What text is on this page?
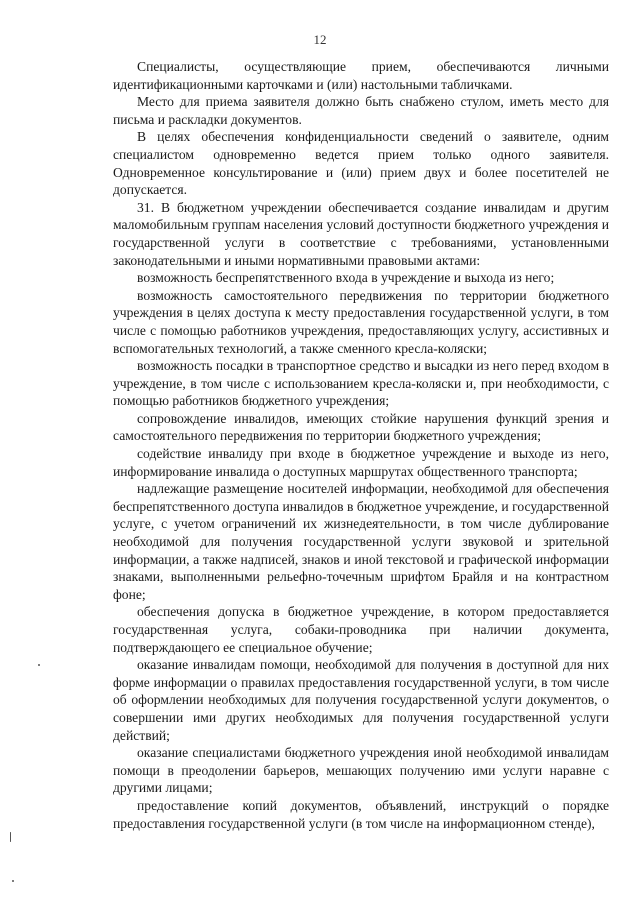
12

Специалисты, осуществляющие прием, обеспечиваются личными идентификационными карточками и (или) настольными табличками.

Место для приема заявителя должно быть снабжено стулом, иметь место для письма и раскладки документов.

В целях обеспечения конфиденциальности сведений о заявителе, одним специалистом одновременно ведется прием только одного заявителя. Одновременное консультирование и (или) прием двух и более посетителей не допускается.

31. В бюджетном учреждении обеспечивается создание инвалидам и другим маломобильным группам населения условий доступности бюджетного учреждения и государственной услуги в соответствие с требованиями, установленными законодательными и иными нормативными правовыми актами:

возможность беспрепятственного входа в учреждение и выхода из него;

возможность самостоятельного передвижения по территории бюджетного учреждения в целях доступа к месту предоставления государственной услуги, в том числе с помощью работников учреждения, предоставляющих услугу, ассистивных и вспомогательных технологий, а также сменного кресла-коляски;

возможность посадки в транспортное средство и высадки из него перед входом в учреждение, в том числе с использованием кресла-коляски и, при необходимости, с помощью работников бюджетного учреждения;

сопровождение инвалидов, имеющих стойкие нарушения функций зрения и самостоятельного передвижения по территории бюджетного учреждения;

содействие инвалиду при входе в бюджетное учреждение и выходе из него, информирование инвалида о доступных маршрутах общественного транспорта;

надлежащие размещение носителей информации, необходимой для обеспечения беспрепятственного доступа инвалидов в бюджетное учреждение, и государственной услуге, с учетом ограничений их жизнедеятельности, в том числе дублирование необходимой для получения государственной услуги звуковой и зрительной информации, а также надписей, знаков и иной текстовой и графической информации знаками, выполненными рельефно-точечным шрифтом Брайля и на контрастном фоне;

обеспечения допуска в бюджетное учреждение, в котором предоставляется государственная услуга, собаки-проводника при наличии документа, подтверждающего ее специальное обучение;

оказание инвалидам помощи, необходимой для получения в доступной для них форме информации о правилах предоставления государственной услуги, в том числе об оформлении необходимых для получения государственной услуги документов, о совершении ими других необходимых для получения государственной услуги действий;

оказание специалистами бюджетного учреждения иной необходимой инвалидам помощи в преодолении барьеров, мешающих получению ими услуги наравне с другими лицами;

предоставление копий документов, объявлений, инструкций о порядке предоставления государственной услуги (в том числе на информационном стенде),
